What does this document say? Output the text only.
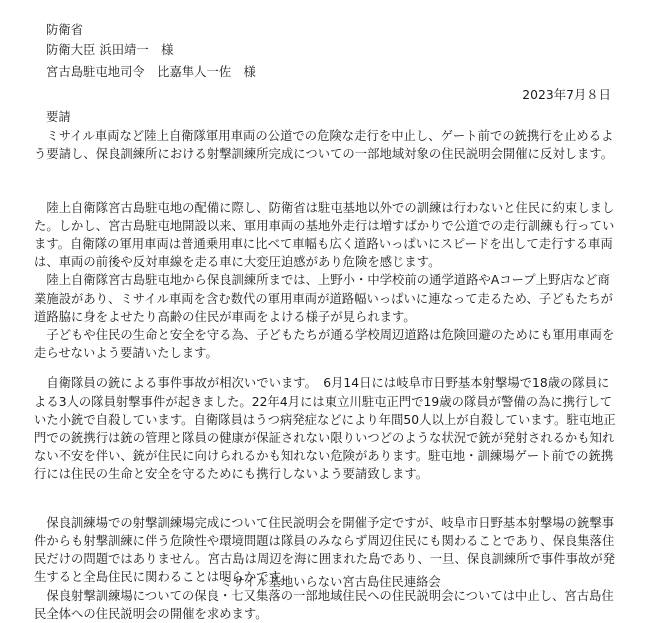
防衛省
防衛大臣 浜田靖一　様
宮古島駐屯地司令　比嘉隼人一佐　様
2023年7月８日
要請
　ミサイル車両など陸上自衛隊軍用車両の公道での危険な走行を中止し、ゲート前での銃携行を止めるよう要請し、保良訓練所における射撃訓練所完成についての一部地域対象の住民説明会開催に反対します。

　陸上自衛隊宮古島駐屯地の配備に際し、防衛省は駐屯基地以外での訓練は行わないと住民に約束しました。しかし、宮古島駐屯地開設以来、軍用車両の基地外走行は増すばかりで公道での走行訓練も行っています。自衛隊の軍用車両は普通乗用車に比べて車幅も広く道路いっぱいにスピードを出して走行する車両は、車両の前後や反対車線を走る車に大変圧迫感があり危険を感じます。
　陸上自衛隊宮古島駐屯地から保良訓練所までは、上野小・中学校前の通学道路やAコープ上野店など商業施設があり、ミサイル車両を含む数代の軍用車両が道路幅いっぱいに連なって走るため、子どもたちが道路脇に身をよせたり高齢の住民が車両をよける様子が見られます。
　子どもや住民の生命と安全を守る為、子どもたちが通る学校周辺道路は危険回避のためにも軍用車両を走らせないよう要請いたします。

　自衛隊員の銃による事件事故が相次いでいます。　6月14日には岐阜市日野基本射撃場で18歳の隊員による3人の隊員射撃事件が起きました。22年4月には東立川駐屯正門で19歳の隊員が警備の為に携行していた小銃で自殺しています。自衛隊員はうつ病発症などにより年間50人以上が自殺しています。駐屯地正門での銃携行は銃の管理と隊員の健康が保証されない限りいつどのような状況で銃が発射されるかも知れない不安を伴い、銃が住民に向けられるかも知れない危険があります。駐屯地・訓練場ゲート前での銃携行には住民の生命と安全を守るためにも携行しないよう要請致します。

　保良訓練場での射撃訓練場完成について住民説明会を開催予定ですが、岐阜市日野基本射撃場の銃撃事件からも射撃訓練に伴う危険性や環境問題は隊員のみならず周辺住民にも関わることであり、保良集落住民だけの問題ではありません。宮古島は周辺を海に囲まれた島であり、一旦、保良訓練所で事件事故が発生すると全島住民に関わることは明らかです。
　保良射撃訓練場についての保良・七又集落の一部地域住民への住民説明会については中止し、宮古島住民全体への住民説明会の開催を求めます。

ミサイル基地いらない宮古島住民連絡会
